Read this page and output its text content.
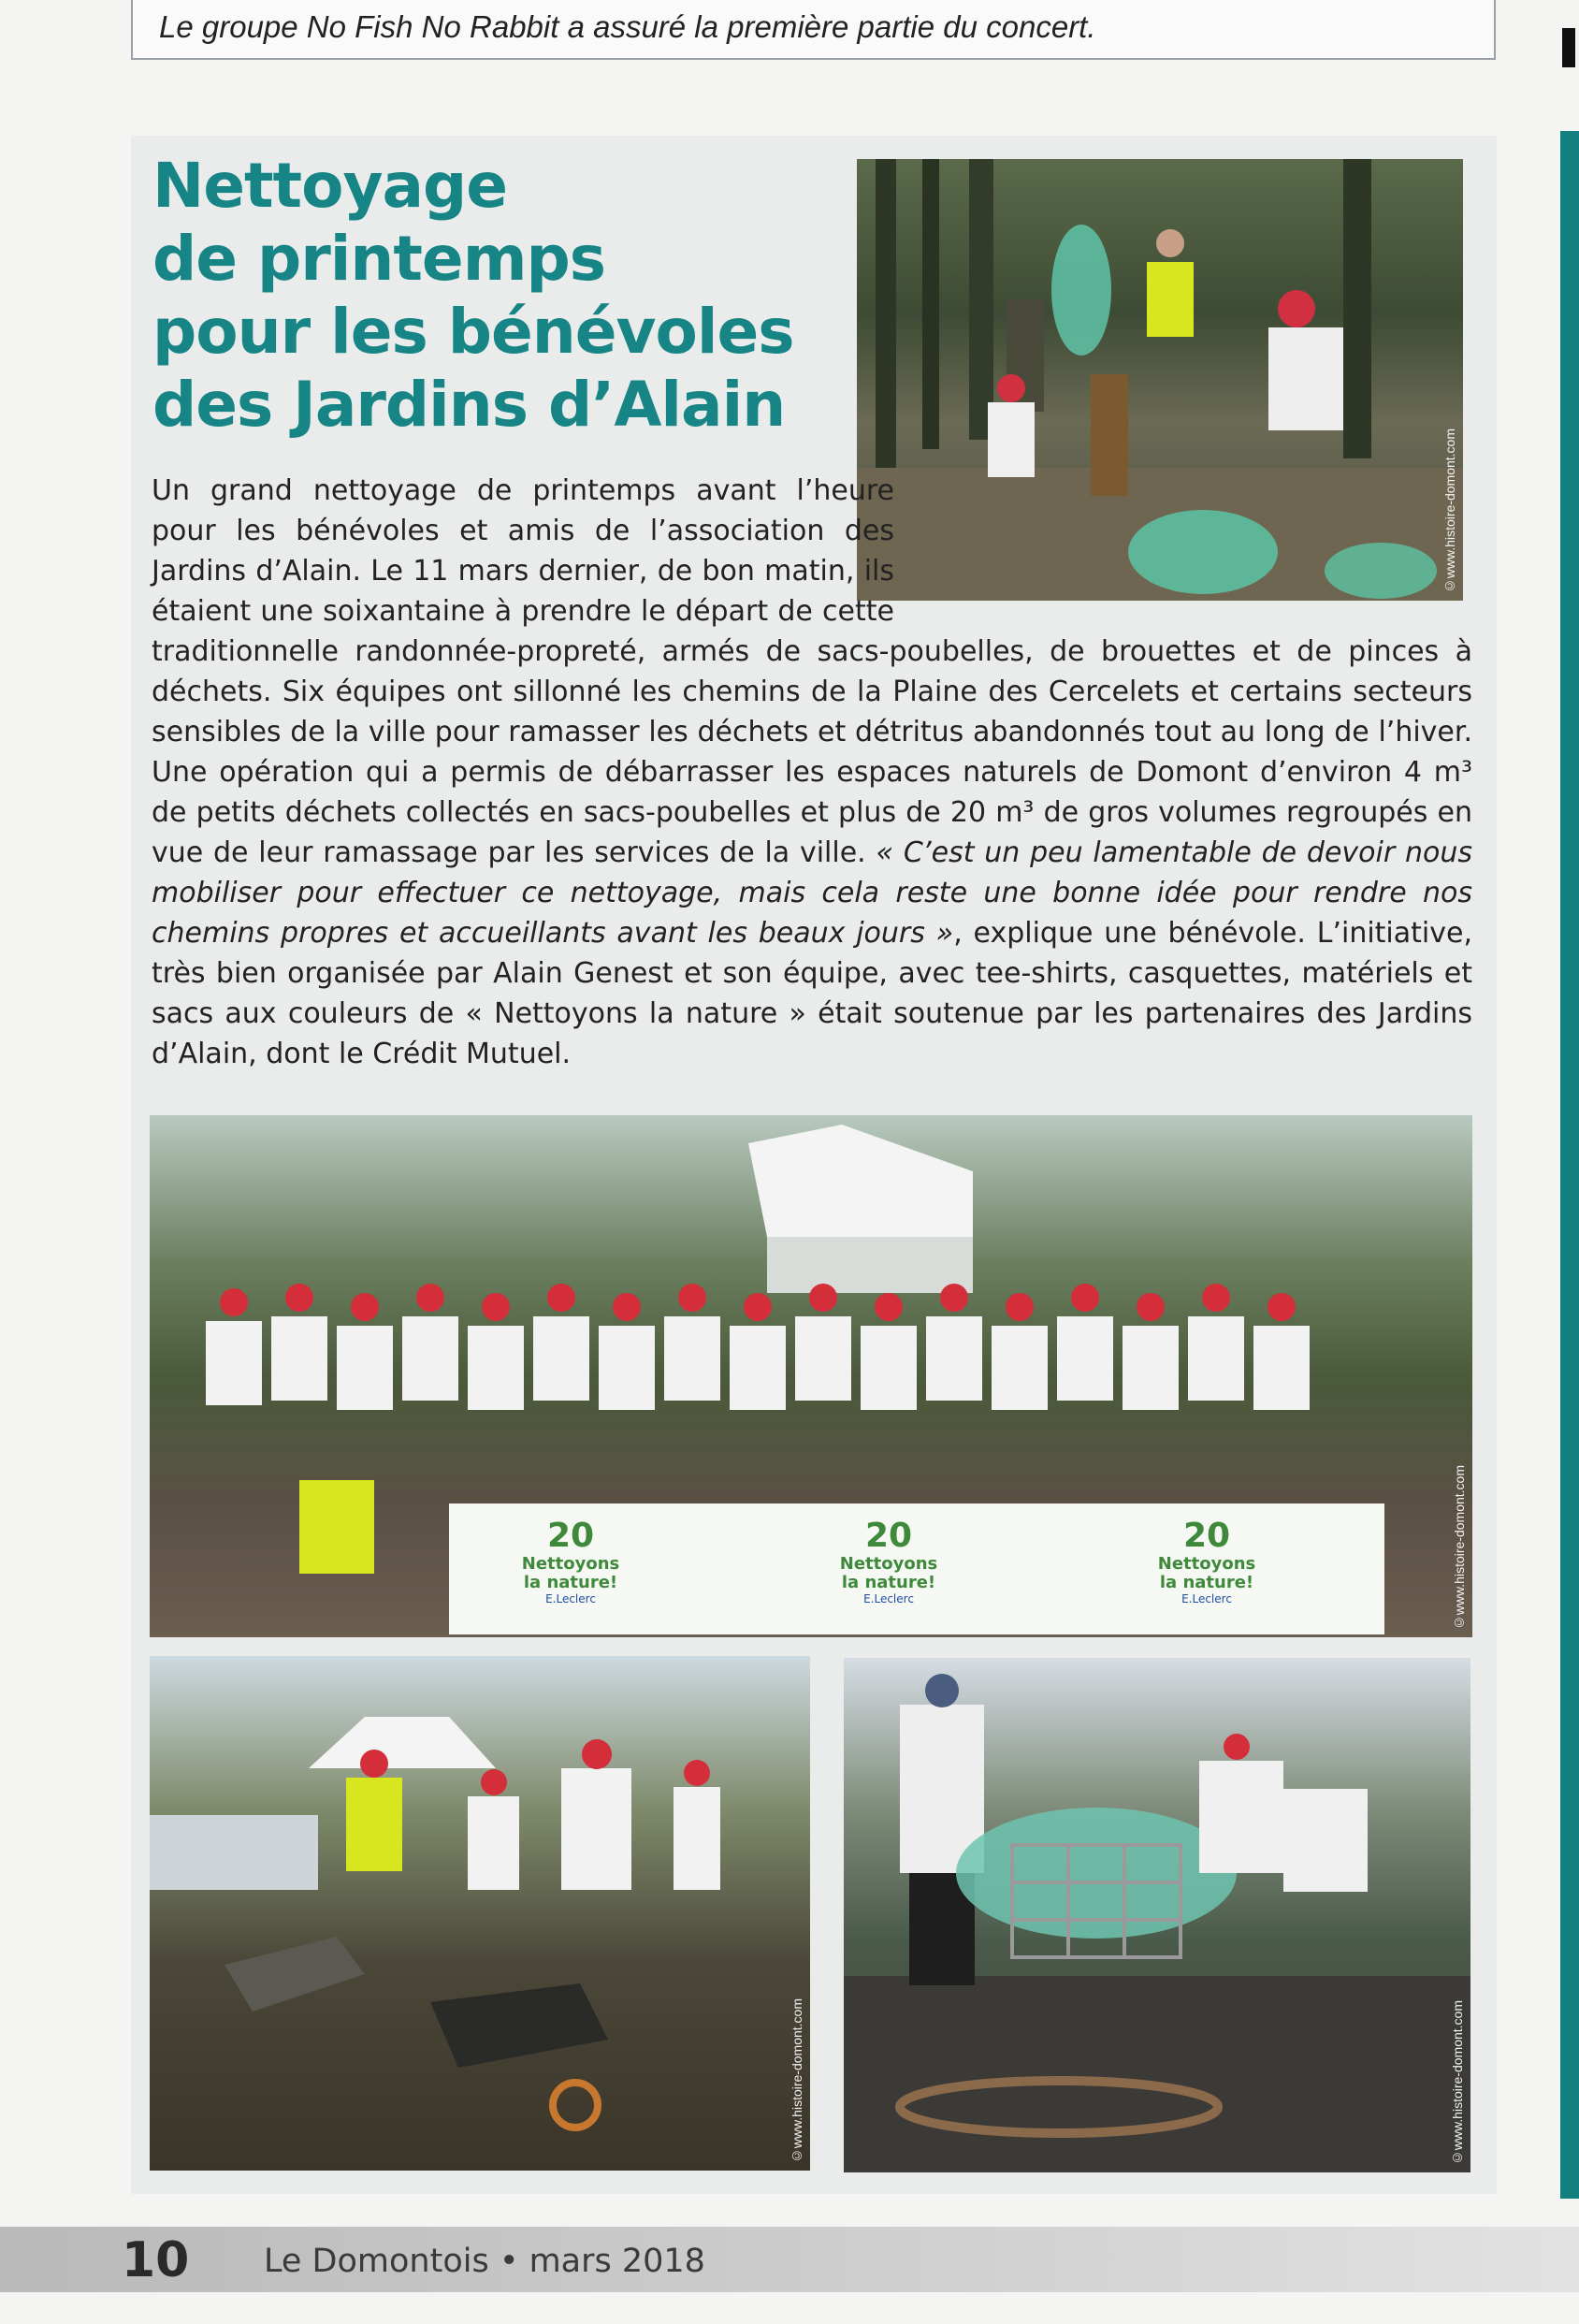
Le groupe No Fish No Rabbit a assuré la première partie du concert.
Nettoyage
de printemps
pour les bénévoles
des Jardins d’Alain
©www.histoire-domont.com

Un grand nettoyage de printemps avant l’heure pour les bénévoles et amis de l’association des Jardins d’Alain. Le 11 mars dernier, de bon matin, ils étaient une soixantaine à prendre le départ de cette traditionnelle randonnée-propreté, armés de sacs-poubelles, de brouettes et de pinces à déchets. Six équipes ont sillonné les chemins de la Plaine des Cercelets et certains secteurs sensibles de la ville pour ramasser les déchets et détritus abandonnés tout au long de l’hiver. Une opération qui a permis de débarrasser les espaces naturels de Domont d’environ 4 m³ de petits déchets collectés en sacs-poubelles et plus de 20 m³ de gros volumes regroupés en vue de leur ramassage par les services de la ville. « C’est un peu lamentable de devoir nous mobiliser pour effectuer ce nettoyage, mais cela reste une bonne idée pour rendre nos chemins propres et accueillants avant les beaux jours », explique une bénévole. L’initiative, très bien organisée par Alain Genest et son équipe, avec tee-shirts, casquettes, matériels et sacs aux couleurs de « Nettoyons la nature » était soutenue par les partenaires des Jardins d’Alain, dont le Crédit Mutuel.

20
Nettoyons
la nature!
E.Leclerc
20
Nettoyons
la nature!
E.Leclerc
20
Nettoyons
la nature!
E.Leclerc	©www.histoire-domont.com
©www.histoire-domont.com	©www.histoire-domont.com
10 Le Domontois • mars 2018
